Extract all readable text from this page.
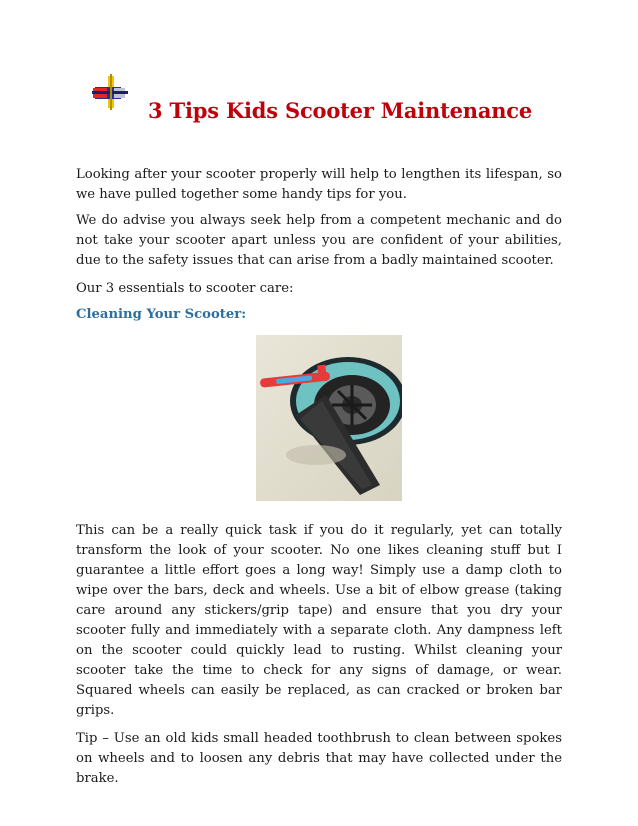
3 Tips Kids Scooter Maintenance

Looking after your scooter properly will help to lengthen its lifespan, so we have pulled together some handy tips for you.

We do advise you always seek help from a competent mechanic and do not take your scooter apart unless you are confident of your abilities, due to the safety issues that can arise from a badly maintained scooter.

Our 3 essentials to scooter care:

Cleaning Your Scooter:

This can be a really quick task if you do it regularly, yet can totally transform the look of your scooter. No one likes cleaning stuff but I guarantee a little effort goes a long way! Simply use a damp cloth to wipe over the bars, deck and wheels. Use a bit of elbow grease (taking care around any stickers/grip tape) and ensure that you dry your scooter fully and immediately with a separate cloth. Any dampness left on the scooter could quickly lead to rusting. Whilst cleaning your scooter take the time to check for any signs of damage, or wear. Squared wheels can easily be replaced, as can cracked or broken bar grips.

Tip – Use an old kids small headed toothbrush to clean between spokes on wheels and to loosen any debris that may have collected under the brake.
